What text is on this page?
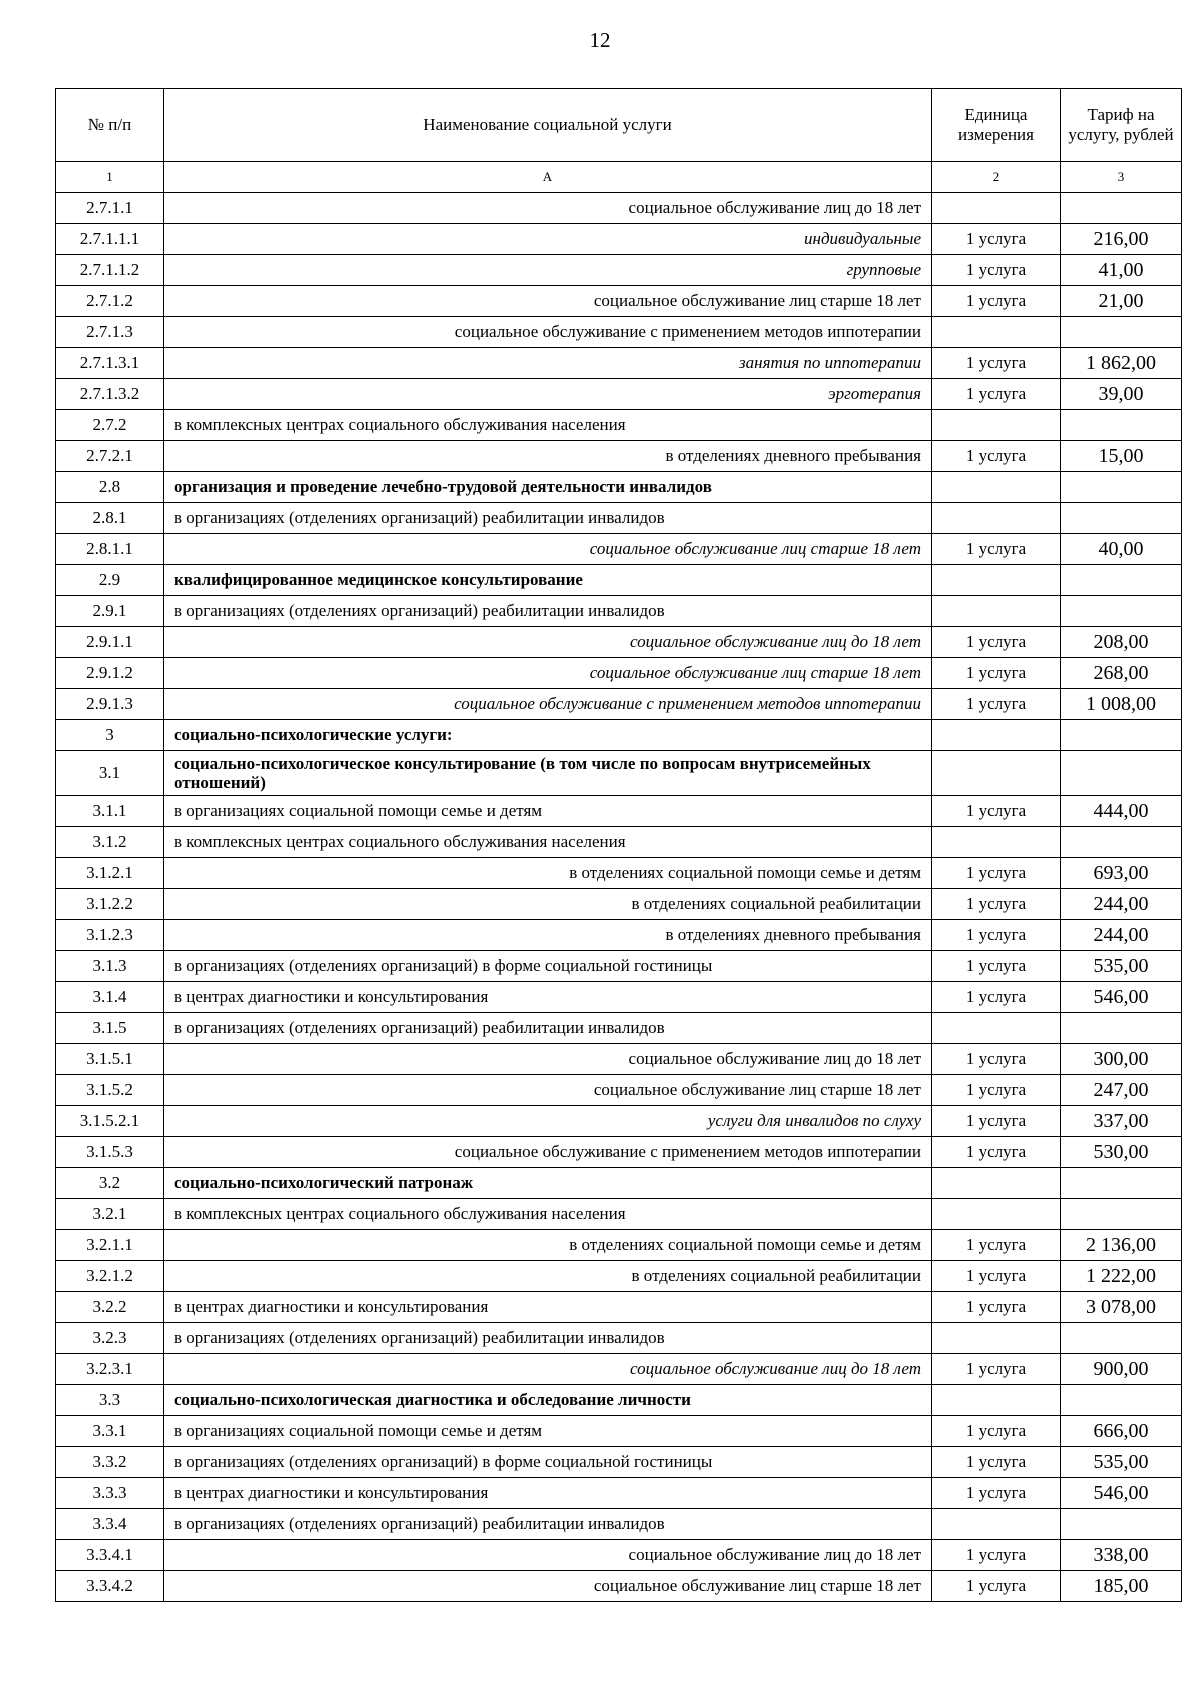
12
№ п/п	Наименование социальной услуги	Единица измерения	Тариф на услугу, рублей
1	А	2	3
2.7.1.1	социальное обслуживание лиц до 18 лет		
2.7.1.1.1	индивидуальные	1 услуга	216,00
2.7.1.1.2	групповые	1 услуга	41,00
2.7.1.2	социальное обслуживание лиц старше 18 лет	1 услуга	21,00
2.7.1.3	социальное обслуживание с применением методов иппотерапии		
2.7.1.3.1	занятия по иппотерапии	1 услуга	1 862,00
2.7.1.3.2	эрготерапия	1 услуга	39,00
2.7.2	в комплексных центрах социального обслуживания населения		
2.7.2.1	в отделениях дневного пребывания	1 услуга	15,00
2.8	организация и проведение лечебно-трудовой деятельности инвалидов		
2.8.1	в организациях (отделениях организаций) реабилитации инвалидов		
2.8.1.1	социальное обслуживание лиц старше 18 лет	1 услуга	40,00
2.9	квалифицированное медицинское консультирование		
2.9.1	в организациях (отделениях организаций) реабилитации инвалидов		
2.9.1.1	социальное обслуживание лиц до 18 лет	1 услуга	208,00
2.9.1.2	социальное обслуживание лиц старше 18 лет	1 услуга	268,00
2.9.1.3	социальное обслуживание с применением методов иппотерапии	1 услуга	1 008,00
3	социально-психологические услуги:		
3.1	социально-психологическое консультирование (в том числе по вопросам внутрисемейных отношений)		
3.1.1	в организациях социальной помощи семье и детям	1 услуга	444,00
3.1.2	в комплексных центрах социального обслуживания населения		
3.1.2.1	в отделениях социальной помощи семье и детям	1 услуга	693,00
3.1.2.2	в отделениях социальной реабилитации	1 услуга	244,00
3.1.2.3	в отделениях дневного пребывания	1 услуга	244,00
3.1.3	в организациях (отделениях организаций) в форме социальной гостиницы	1 услуга	535,00
3.1.4	в центрах диагностики и консультирования	1 услуга	546,00
3.1.5	в организациях (отделениях организаций) реабилитации инвалидов		
3.1.5.1	социальное обслуживание лиц до 18 лет	1 услуга	300,00
3.1.5.2	социальное обслуживание лиц старше 18 лет	1 услуга	247,00
3.1.5.2.1	услуги для инвалидов по слуху	1 услуга	337,00
3.1.5.3	социальное обслуживание с применением методов иппотерапии	1 услуга	530,00
3.2	социально-психологический патронаж		
3.2.1	в комплексных центрах социального обслуживания населения		
3.2.1.1	в отделениях социальной помощи семье и детям	1 услуга	2 136,00
3.2.1.2	в отделениях социальной реабилитации	1 услуга	1 222,00
3.2.2	в центрах диагностики и консультирования	1 услуга	3 078,00
3.2.3	в организациях (отделениях организаций) реабилитации инвалидов		
3.2.3.1	социальное обслуживание лиц до 18 лет	1 услуга	900,00
3.3	социально-психологическая диагностика и обследование личности		
3.3.1	в организациях социальной помощи семье и детям	1 услуга	666,00
3.3.2	в организациях (отделениях организаций) в форме социальной гостиницы	1 услуга	535,00
3.3.3	в центрах диагностики и консультирования	1 услуга	546,00
3.3.4	в организациях (отделениях организаций) реабилитации инвалидов		
3.3.4.1	социальное обслуживание лиц до 18 лет	1 услуга	338,00
3.3.4.2	социальное обслуживание лиц старше 18 лет	1 услуга	185,00
